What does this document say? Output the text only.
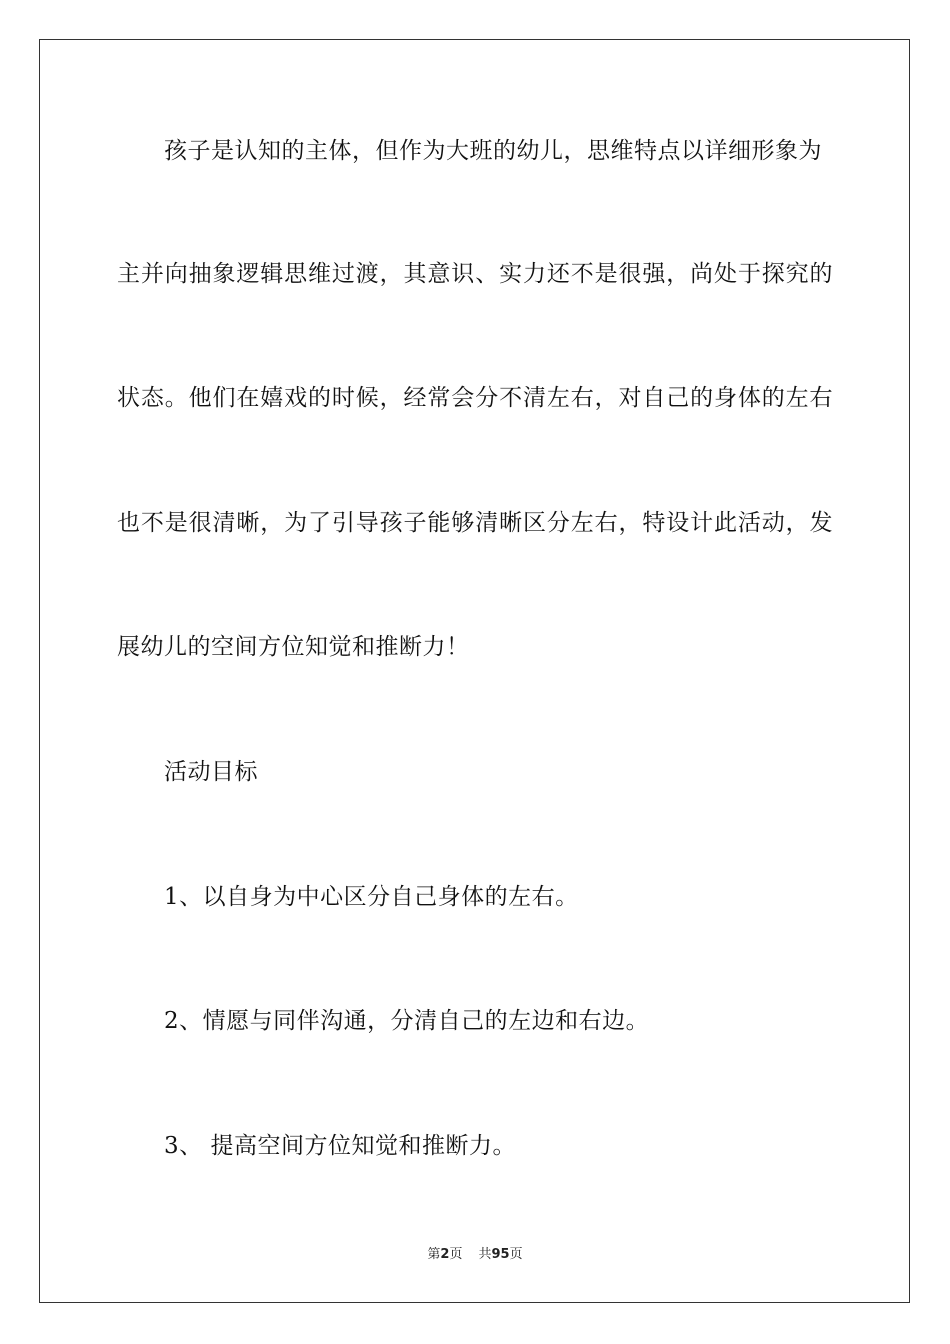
孩子是认知的主体，但作为大班的幼儿，思维特点以详细形象为
主并向抽象逻辑思维过渡，其意识、实力还不是很强，尚处于探究的
状态。他们在嬉戏的时候，经常会分不清左右，对自己的身体的左右
也不是很清晰，为了引导孩子能够清晰区分左右，特设计此活动，发
展幼儿的空间方位知觉和推断力！
活动目标
1、以自身为中心区分自己身体的左右。
2、情愿与同伴沟通，分清自己的左边和右边。
3、 提高空间方位知觉和推断力。
第2页 共95页
